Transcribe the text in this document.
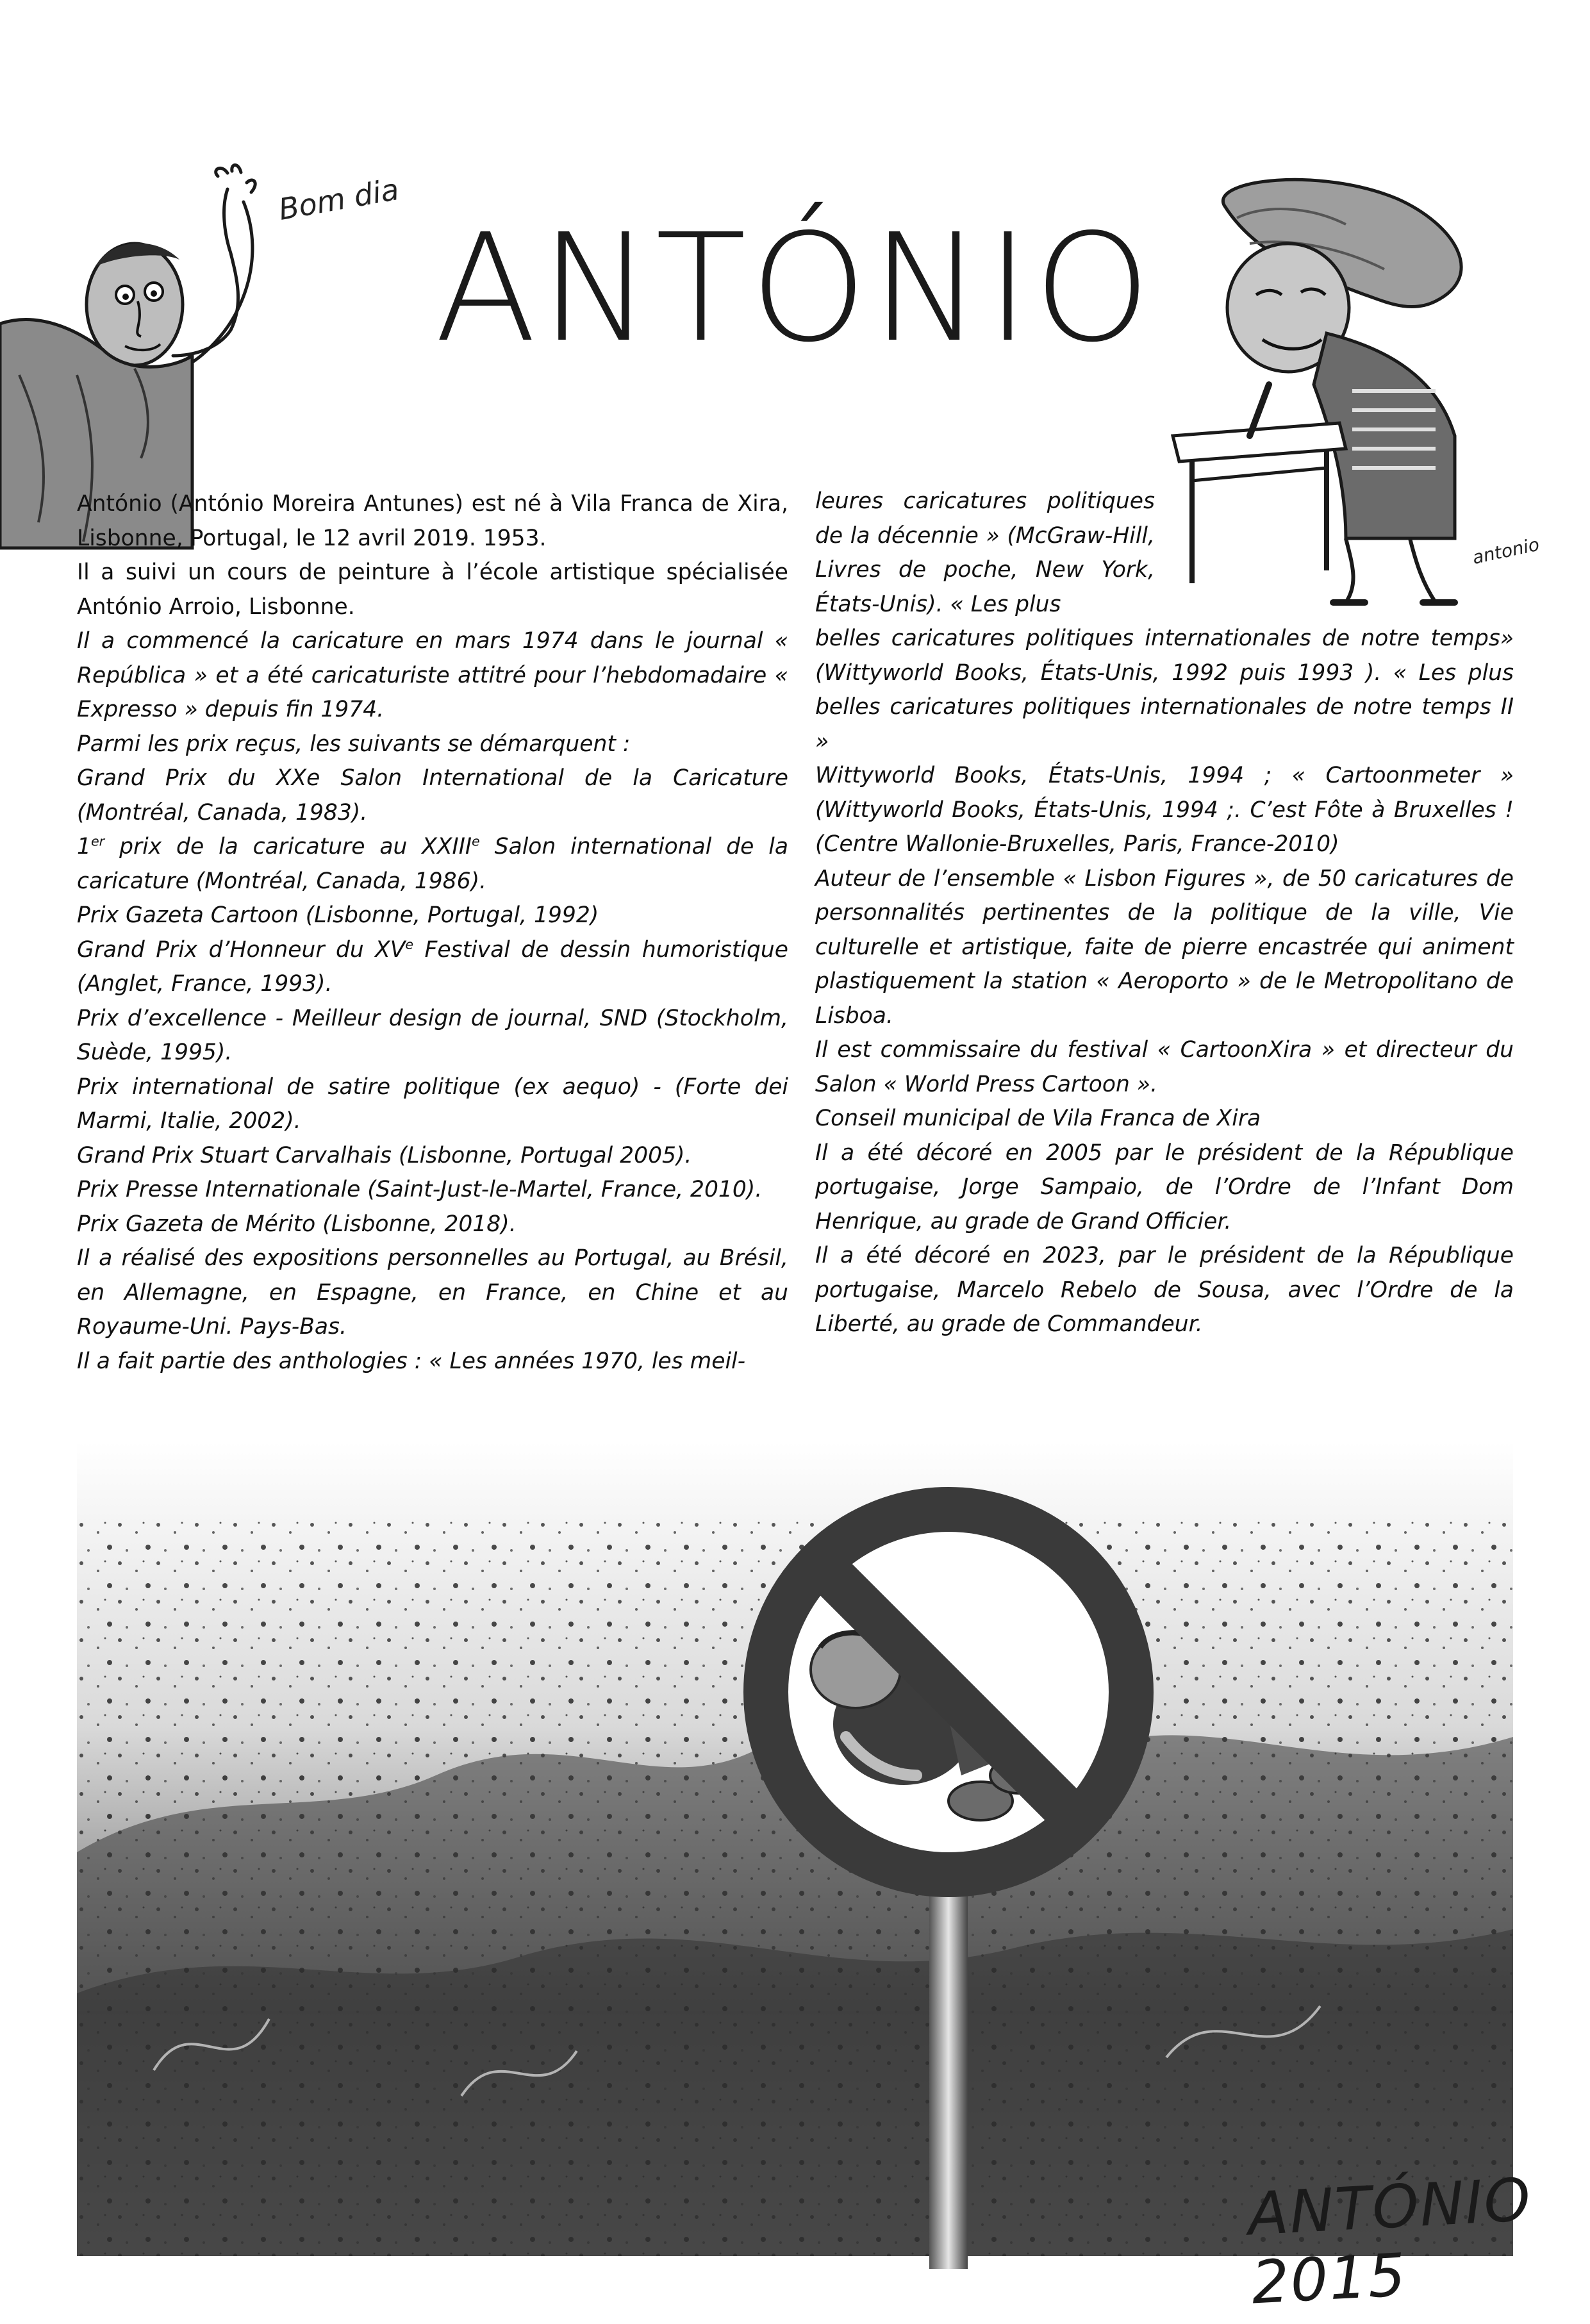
Bom dia
ANTÓNIO
antonio

António (António Moreira Antunes) est né à Vila Franca de Xira, Lisbonne, Portugal, le 12 avril 2019. 1953.

Il a suivi un cours de peinture à l’école artistique spécialisée António Arroio, Lisbonne.

Il a commencé la caricature en mars 1974 dans le journal « República » et a été caricaturiste attitré pour l’hebdomadaire « Expresso » depuis fin 1974.

Parmi les prix reçus, les suivants se démarquent :

Grand Prix du XXe Salon International de la Caricature (Montréal, Canada, 1983).

1er prix de la caricature au XXIIIe Salon international de la caricature (Montréal, Canada, 1986).

Prix Gazeta Cartoon (Lisbonne, Portugal, 1992)

Grand Prix d’Honneur du XVe Festival de dessin humoristique (Anglet, France, 1993).

Prix d’excellence - Meilleur design de journal, SND (Stockholm, Suède, 1995).

Prix international de satire politique (ex aequo) - (Forte dei Marmi, Italie, 2002).

Grand Prix Stuart Carvalhais (Lisbonne, Portugal 2005).

Prix Presse Internationale (Saint-Just-le-Martel, France, 2010).

Prix Gazeta de Mérito (Lisbonne, 2018).

Il a réalisé des expositions personnelles au Portugal, au Brésil, en Allemagne, en Espagne, en France, en Chine et au Royaume-Uni. Pays-Bas.

Il a fait partie des anthologies : « Les années 1970, les meil-

leures caricatures politiques de la décennie » (McGraw-Hill, Livres de poche, New York, États-Unis). « Les plus

belles caricatures politiques internationales de notre temps» (Wittyworld Books, États-Unis, 1992 puis 1993 ). « Les plus belles caricatures politiques internationales de notre temps II »

Wittyworld Books, États-Unis, 1994 ; « Cartoonmeter » (Wittyworld Books, États-Unis, 1994 ;. C’est Fôte à Bruxelles ! (Centre Wallonie-Bruxelles, Paris, France-2010)

Auteur de l’ensemble « Lisbon Figures », de 50 caricatures de personnalités pertinentes de la politique de la ville, Vie culturelle et artistique, faite de pierre encastrée qui animent plastiquement la station « Aeroporto » de le Metropolitano de Lisboa.

Il est commissaire du festival « CartoonXira » et directeur du Salon « World Press Cartoon ».

Conseil municipal de Vila Franca de Xira

Il a été décoré en 2005 par le président de la République portugaise, Jorge Sampaio, de l’Ordre de l’Infant Dom Henrique, au grade de Grand Officier.

Il a été décoré en 2023, par le président de la République portugaise, Marcelo Rebelo de Sousa, avec l’Ordre de la Liberté, au grade de Commandeur.

ANTÓNIO 2015
